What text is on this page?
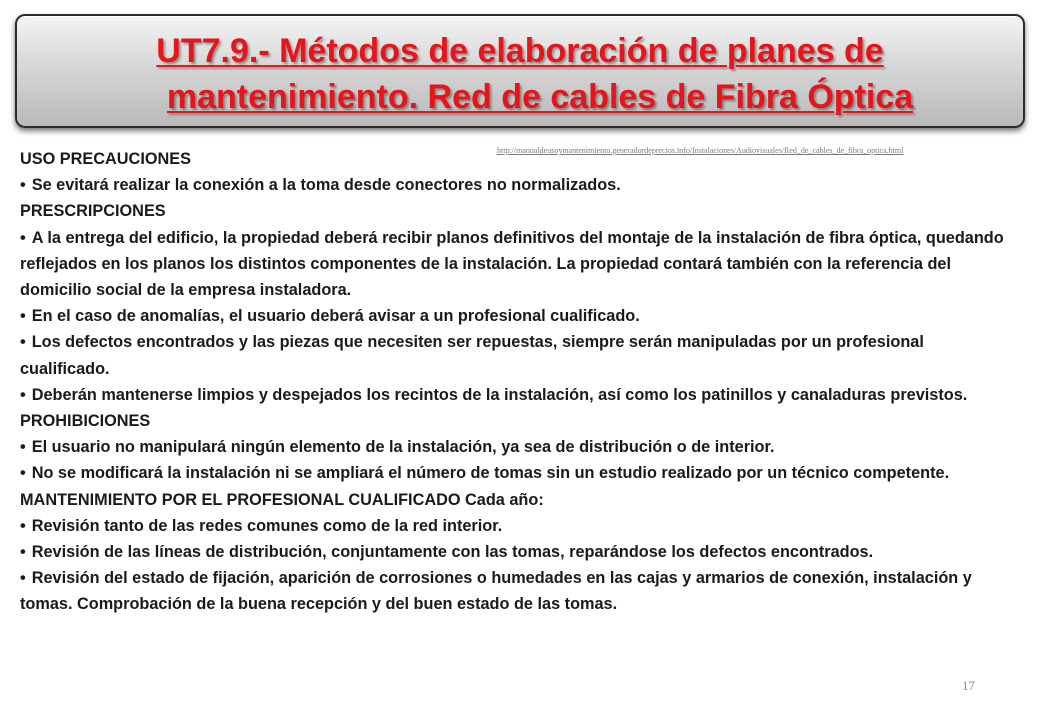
UT7.9.- Métodos de elaboración de planes de

mantenimiento. Red de cables de Fibra Óptica
http://manualdeusoymantenimiento.generadordeprecios.info/Instalaciones/Audiovisuales/Red_de_cables_de_fibra_optica.html
USO PRECAUCIONES
• Se evitará realizar la conexión a la toma desde conectores no normalizados.
PRESCRIPCIONES
• A la entrega del edificio, la propiedad deberá recibir planos definitivos del montaje de la instalación de fibra óptica, quedando reflejados en los planos los distintos componentes de la instalación. La propiedad contará también con la referencia del domicilio social de la empresa instaladora.
• En el caso de anomalías, el usuario deberá avisar a un profesional cualificado.
• Los defectos encontrados y las piezas que necesiten ser repuestas, siempre serán manipuladas por un profesional cualificado.
• Deberán mantenerse limpios y despejados los recintos de la instalación, así como los patinillos y canaladuras previstos.
PROHIBICIONES
• El usuario no manipulará ningún elemento de la instalación, ya sea de distribución o de interior.
• No se modificará la instalación ni se ampliará el número de tomas sin un estudio realizado por un técnico competente.
MANTENIMIENTO POR EL PROFESIONAL CUALIFICADO Cada año:
• Revisión tanto de las redes comunes como de la red interior.
• Revisión de las líneas de distribución, conjuntamente con las tomas, reparándose los defectos encontrados.
• Revisión del estado de fijación, aparición de corrosiones o humedades en las cajas y armarios de conexión, instalación y tomas. Comprobación de la buena recepción y del buen estado de las tomas.
17
